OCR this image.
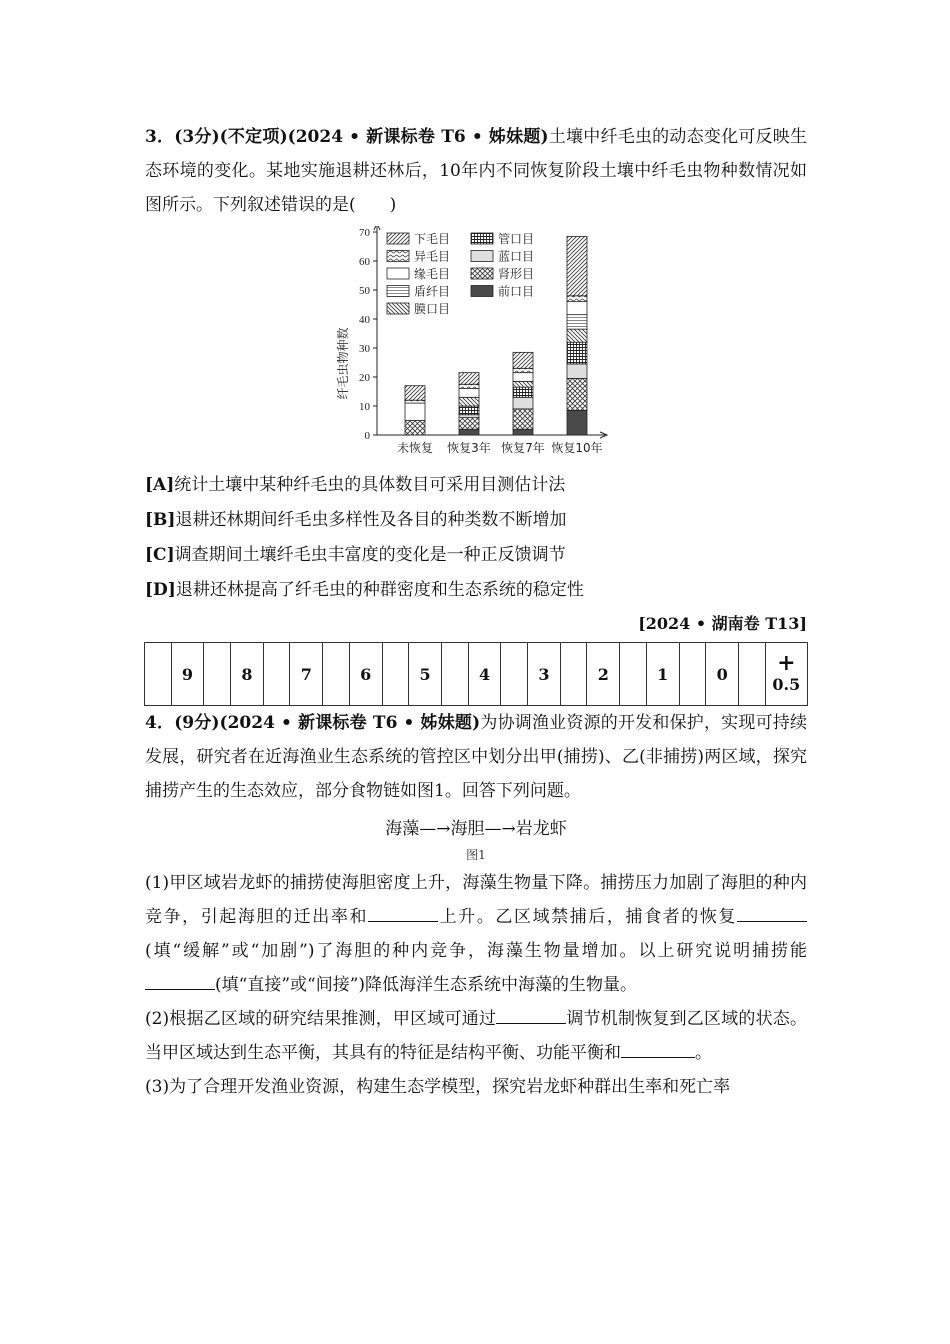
3．(3分)(不定项)(2024 • 新课标卷 T6 • 姊妹题)土壤中纤毛虫的动态变化可反映生态环境的变化。某地实施退耕还林后，10年内不同恢复阶段土壤中纤毛虫物种数情况如图所示。下列叙述错误的是(　　)

0
10
20
30
40
50
60
70
纤毛虫物种数
未恢复 恢复3年 恢复7年 恢复10年
下毛目	管口目
异毛目	蓝口目
缘毛目	肾形目
盾纤目	前口目
膜口目

[A]统计土壤中某种纤毛虫的具体数目可采用目测估计法

[B]退耕还林期间纤毛虫多样性及各目的种类数不断增加

[C]调查期间土壤纤毛虫丰富度的变化是一种正反馈调节

[D]退耕还林提高了纤毛虫的种群密度和生态系统的稳定性

[2024 • 湖南卷 T13]

	9		8		7		6		5		4		3		2		1		0		+
0.5

4．(9分)(2024 • 新课标卷 T6 • 姊妹题)为协调渔业资源的开发和保护，实现可持续发展，研究者在近海渔业生态系统的管控区中划分出甲(捕捞)、乙(非捕捞)两区域，探究捕捞产生的生态效应，部分食物链如图1。回答下列问题。

海藻—→海胆—→岩龙虾

图1

(1)甲区域岩龙虾的捕捞使海胆密度上升，海藻生物量下降。捕捞压力加剧了海胆的种内竞争，引起海胆的迁出率和	上升。乙区域禁捕后，捕食者的恢复(填“缓解”或“加剧”)了海胆的种内竞争，海藻生物量增加。以上研究说明捕捞能(填“直接”或“间接”)降低海洋生态系统中海藻的生物量。

(2)根据乙区域的研究结果推测，甲区域可通过	调节机制恢复到乙区域的状态。当甲区域达到生态平衡，其具有的特征是结构平衡、功能平衡和	。

(3)为了合理开发渔业资源，构建生态学模型，探究岩龙虾种群出生率和死亡率
